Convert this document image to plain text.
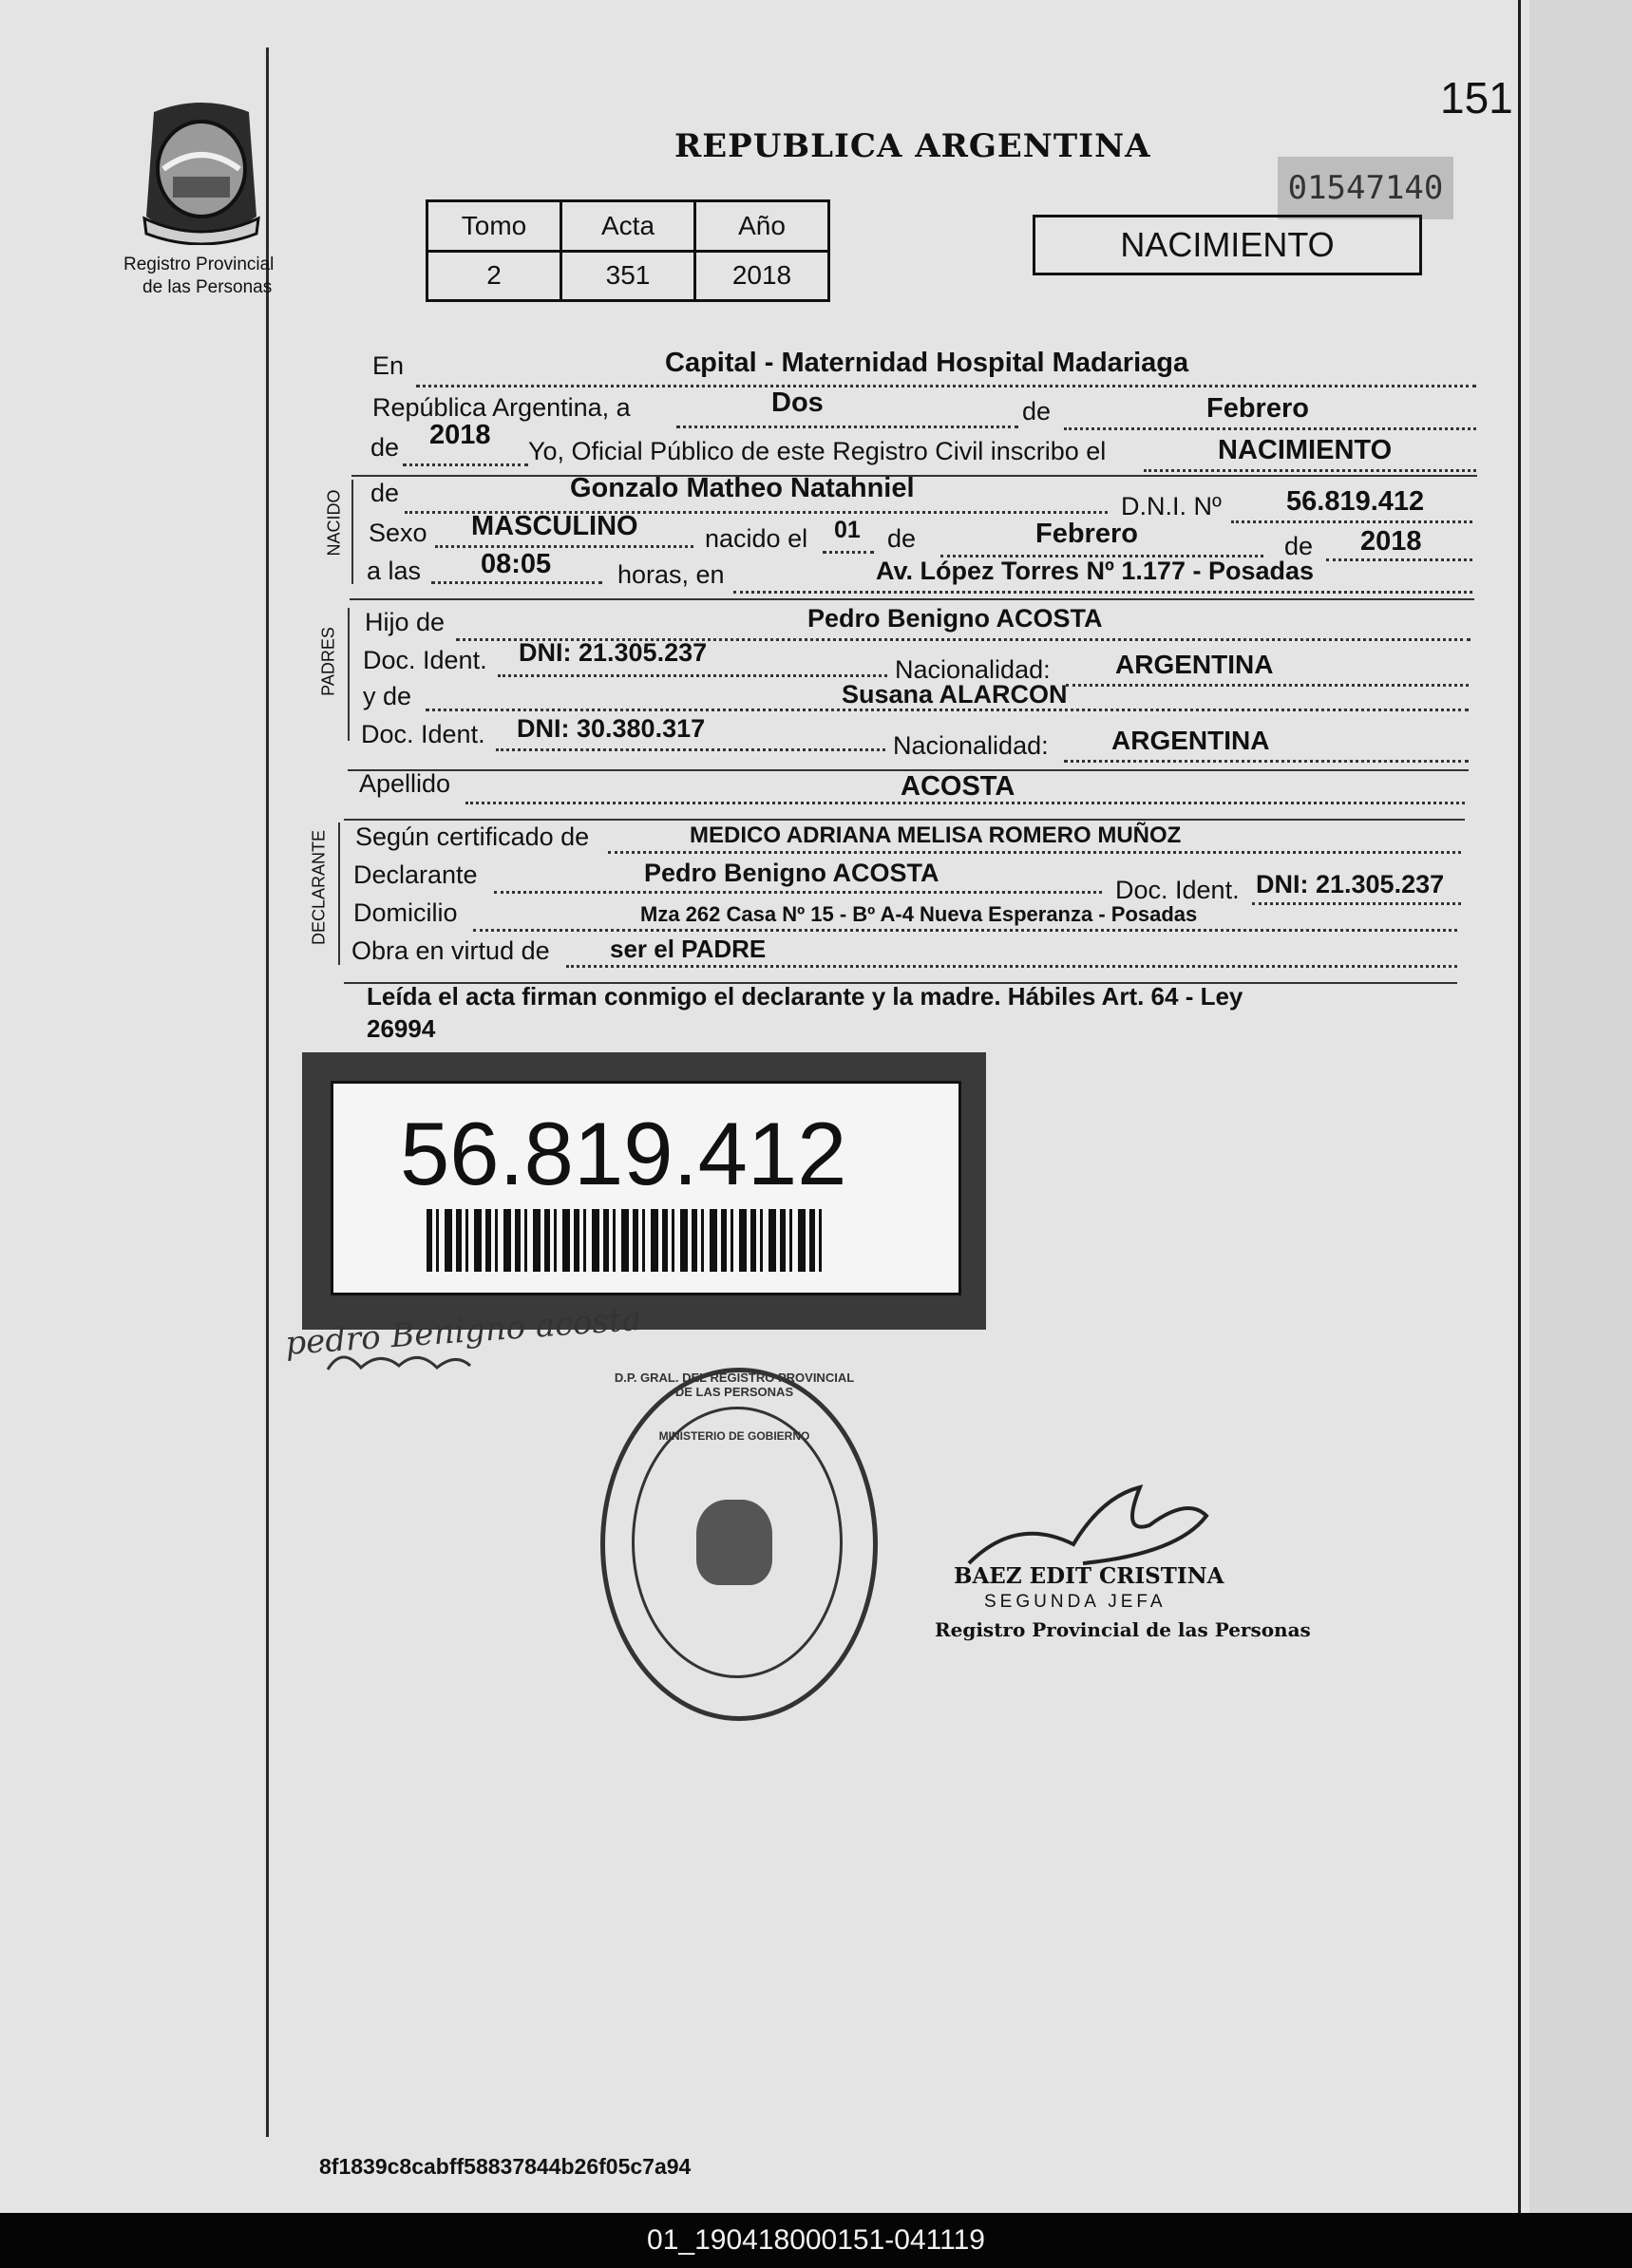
151
Registro Provincial
de las Personas
REPUBLICA ARGENTINA
01547140
Tomo	Acta	Año
2	351	2018
NACIMIENTO
En	Capital - Maternidad Hospital Madariaga
República Argentina, a	Dos	de	Febrero
de 2018
Yo, Oficial Público de este Registro Civil inscribo el	NACIMIENTO
NACIDO de	Gonzalo Matheo Natahniel
D.N.I. Nº 56.819.412
Sexo MASCULINO	nacido el 01 de	Febrero	de 2018
a las 08:05	horas, en	Av. López Torres Nº 1.177 - Posadas
PADRES
Hijo de	Pedro Benigno ACOSTA
Doc. Ident. DNI: 21.305.237
Nacionalidad: ARGENTINA
y de	Susana ALARCON
Doc. Ident. DNI: 30.380.317
Nacionalidad: ARGENTINA
Apellido	ACOSTA
DECLARANTE Según certificado de	MEDICO ADRIANA MELISA ROMERO MUÑOZ
Declarante	Pedro Benigno ACOSTA
Doc. Ident. DNI: 21.305.237
Domicilio	Mza 262 Casa Nº 15 - Bº A-4 Nueva Esperanza - Posadas
Obra en virtud de ser el PADRE
Leída el acta firman conmigo el declarante y la madre. Hábiles Art. 64 - Ley
26994
56.819.412
pedro Benigno acosta
D.P. GRAL. DEL REGISTRO PROVINCIAL DE LAS PERSONAS
MINISTERIO DE GOBIERNO
BAEZ EDIT CRISTINA
SEGUNDA JEFA
Registro Provincial de las Personas
8f1839c8cabff58837844b26f05c7a94
01_190418000151-041119
